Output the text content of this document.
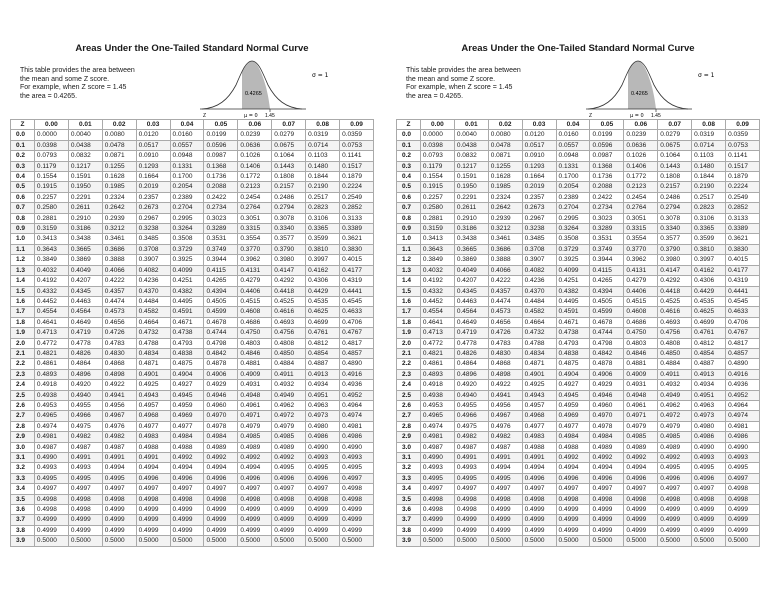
Areas Under the One-Tailed Standard Normal Curve
This table provides the area between
the mean and some Z score.
For example, when Z score = 1.45
the area = 0.4265.	0.4265
σ = 1
μ = 0 1.45
Z
Z	0.00	0.01	0.02	0.03	0.04	0.05	0.06	0.07	0.08	0.09
0.0	0.0000	0.0040	0.0080	0.0120	0.0160	0.0199	0.0239	0.0279	0.0319	0.0359
0.1	0.0398	0.0438	0.0478	0.0517	0.0557	0.0596	0.0636	0.0675	0.0714	0.0753
0.2	0.0793	0.0832	0.0871	0.0910	0.0948	0.0987	0.1026	0.1064	0.1103	0.1141
0.3	0.1179	0.1217	0.1255	0.1293	0.1331	0.1368	0.1406	0.1443	0.1480	0.1517
0.4	0.1554	0.1591	0.1628	0.1664	0.1700	0.1736	0.1772	0.1808	0.1844	0.1879
0.5	0.1915	0.1950	0.1985	0.2019	0.2054	0.2088	0.2123	0.2157	0.2190	0.2224
0.6	0.2257	0.2291	0.2324	0.2357	0.2389	0.2422	0.2454	0.2486	0.2517	0.2549
0.7	0.2580	0.2611	0.2642	0.2673	0.2704	0.2734	0.2764	0.2794	0.2823	0.2852
0.8	0.2881	0.2910	0.2939	0.2967	0.2995	0.3023	0.3051	0.3078	0.3106	0.3133
0.9	0.3159	0.3186	0.3212	0.3238	0.3264	0.3289	0.3315	0.3340	0.3365	0.3389
1.0	0.3413	0.3438	0.3461	0.3485	0.3508	0.3531	0.3554	0.3577	0.3599	0.3621
1.1	0.3643	0.3665	0.3686	0.3708	0.3729	0.3749	0.3770	0.3790	0.3810	0.3830
1.2	0.3849	0.3869	0.3888	0.3907	0.3925	0.3944	0.3962	0.3980	0.3997	0.4015
1.3	0.4032	0.4049	0.4066	0.4082	0.4099	0.4115	0.4131	0.4147	0.4162	0.4177
1.4	0.4192	0.4207	0.4222	0.4236	0.4251	0.4265	0.4279	0.4292	0.4306	0.4319
1.5	0.4332	0.4345	0.4357	0.4370	0.4382	0.4394	0.4406	0.4418	0.4429	0.4441
1.6	0.4452	0.4463	0.4474	0.4484	0.4495	0.4505	0.4515	0.4525	0.4535	0.4545
1.7	0.4554	0.4564	0.4573	0.4582	0.4591	0.4599	0.4608	0.4616	0.4625	0.4633
1.8	0.4641	0.4649	0.4656	0.4664	0.4671	0.4678	0.4686	0.4693	0.4699	0.4706
1.9	0.4713	0.4719	0.4726	0.4732	0.4738	0.4744	0.4750	0.4756	0.4761	0.4767
2.0	0.4772	0.4778	0.4783	0.4788	0.4793	0.4798	0.4803	0.4808	0.4812	0.4817
2.1	0.4821	0.4826	0.4830	0.4834	0.4838	0.4842	0.4846	0.4850	0.4854	0.4857
2.2	0.4861	0.4864	0.4868	0.4871	0.4875	0.4878	0.4881	0.4884	0.4887	0.4890
2.3	0.4893	0.4896	0.4898	0.4901	0.4904	0.4906	0.4909	0.4911	0.4913	0.4916
2.4	0.4918	0.4920	0.4922	0.4925	0.4927	0.4929	0.4931	0.4932	0.4934	0.4936
2.5	0.4938	0.4940	0.4941	0.4943	0.4945	0.4946	0.4948	0.4949	0.4951	0.4952
2.6	0.4953	0.4955	0.4956	0.4957	0.4959	0.4960	0.4961	0.4962	0.4963	0.4964
2.7	0.4965	0.4966	0.4967	0.4968	0.4969	0.4970	0.4971	0.4972	0.4973	0.4974
2.8	0.4974	0.4975	0.4976	0.4977	0.4977	0.4978	0.4979	0.4979	0.4980	0.4981
2.9	0.4981	0.4982	0.4982	0.4983	0.4984	0.4984	0.4985	0.4985	0.4986	0.4986
3.0	0.4987	0.4987	0.4987	0.4988	0.4988	0.4989	0.4989	0.4989	0.4990	0.4990
3.1	0.4990	0.4991	0.4991	0.4991	0.4992	0.4992	0.4992	0.4992	0.4993	0.4993
3.2	0.4993	0.4993	0.4994	0.4994	0.4994	0.4994	0.4994	0.4995	0.4995	0.4995
3.3	0.4995	0.4995	0.4995	0.4996	0.4996	0.4996	0.4996	0.4996	0.4996	0.4997
3.4	0.4997	0.4997	0.4997	0.4997	0.4997	0.4997	0.4997	0.4997	0.4997	0.4998
3.5	0.4998	0.4998	0.4998	0.4998	0.4998	0.4998	0.4998	0.4998	0.4998	0.4998
3.6	0.4998	0.4998	0.4999	0.4999	0.4999	0.4999	0.4999	0.4999	0.4999	0.4999
3.7	0.4999	0.4999	0.4999	0.4999	0.4999	0.4999	0.4999	0.4999	0.4999	0.4999
3.8	0.4999	0.4999	0.4999	0.4999	0.4999	0.4999	0.4999	0.4999	0.4999	0.4999
3.9	0.5000	0.5000	0.5000	0.5000	0.5000	0.5000	0.5000	0.5000	0.5000	0.5000
Areas Under the One-Tailed Standard Normal Curve
This table provides the area between
the mean and some Z score.
For example, when Z score = 1.45
the area = 0.4265.	0.4265
σ = 1
μ = 0 1.45
Z
Z	0.00	0.01	0.02	0.03	0.04	0.05	0.06	0.07	0.08	0.09
0.0	0.0000	0.0040	0.0080	0.0120	0.0160	0.0199	0.0239	0.0279	0.0319	0.0359
0.1	0.0398	0.0438	0.0478	0.0517	0.0557	0.0596	0.0636	0.0675	0.0714	0.0753
0.2	0.0793	0.0832	0.0871	0.0910	0.0948	0.0987	0.1026	0.1064	0.1103	0.1141
0.3	0.1179	0.1217	0.1255	0.1293	0.1331	0.1368	0.1406	0.1443	0.1480	0.1517
0.4	0.1554	0.1591	0.1628	0.1664	0.1700	0.1736	0.1772	0.1808	0.1844	0.1879
0.5	0.1915	0.1950	0.1985	0.2019	0.2054	0.2088	0.2123	0.2157	0.2190	0.2224
0.6	0.2257	0.2291	0.2324	0.2357	0.2389	0.2422	0.2454	0.2486	0.2517	0.2549
0.7	0.2580	0.2611	0.2642	0.2673	0.2704	0.2734	0.2764	0.2794	0.2823	0.2852
0.8	0.2881	0.2910	0.2939	0.2967	0.2995	0.3023	0.3051	0.3078	0.3106	0.3133
0.9	0.3159	0.3186	0.3212	0.3238	0.3264	0.3289	0.3315	0.3340	0.3365	0.3389
1.0	0.3413	0.3438	0.3461	0.3485	0.3508	0.3531	0.3554	0.3577	0.3599	0.3621
1.1	0.3643	0.3665	0.3686	0.3708	0.3729	0.3749	0.3770	0.3790	0.3810	0.3830
1.2	0.3849	0.3869	0.3888	0.3907	0.3925	0.3944	0.3962	0.3980	0.3997	0.4015
1.3	0.4032	0.4049	0.4066	0.4082	0.4099	0.4115	0.4131	0.4147	0.4162	0.4177
1.4	0.4192	0.4207	0.4222	0.4236	0.4251	0.4265	0.4279	0.4292	0.4306	0.4319
1.5	0.4332	0.4345	0.4357	0.4370	0.4382	0.4394	0.4406	0.4418	0.4429	0.4441
1.6	0.4452	0.4463	0.4474	0.4484	0.4495	0.4505	0.4515	0.4525	0.4535	0.4545
1.7	0.4554	0.4564	0.4573	0.4582	0.4591	0.4599	0.4608	0.4616	0.4625	0.4633
1.8	0.4641	0.4649	0.4656	0.4664	0.4671	0.4678	0.4686	0.4693	0.4699	0.4706
1.9	0.4713	0.4719	0.4726	0.4732	0.4738	0.4744	0.4750	0.4756	0.4761	0.4767
2.0	0.4772	0.4778	0.4783	0.4788	0.4793	0.4798	0.4803	0.4808	0.4812	0.4817
2.1	0.4821	0.4826	0.4830	0.4834	0.4838	0.4842	0.4846	0.4850	0.4854	0.4857
2.2	0.4861	0.4864	0.4868	0.4871	0.4875	0.4878	0.4881	0.4884	0.4887	0.4890
2.3	0.4893	0.4896	0.4898	0.4901	0.4904	0.4906	0.4909	0.4911	0.4913	0.4916
2.4	0.4918	0.4920	0.4922	0.4925	0.4927	0.4929	0.4931	0.4932	0.4934	0.4936
2.5	0.4938	0.4940	0.4941	0.4943	0.4945	0.4946	0.4948	0.4949	0.4951	0.4952
2.6	0.4953	0.4955	0.4956	0.4957	0.4959	0.4960	0.4961	0.4962	0.4963	0.4964
2.7	0.4965	0.4966	0.4967	0.4968	0.4969	0.4970	0.4971	0.4972	0.4973	0.4974
2.8	0.4974	0.4975	0.4976	0.4977	0.4977	0.4978	0.4979	0.4979	0.4980	0.4981
2.9	0.4981	0.4982	0.4982	0.4983	0.4984	0.4984	0.4985	0.4985	0.4986	0.4986
3.0	0.4987	0.4987	0.4987	0.4988	0.4988	0.4989	0.4989	0.4989	0.4990	0.4990
3.1	0.4990	0.4991	0.4991	0.4991	0.4992	0.4992	0.4992	0.4992	0.4993	0.4993
3.2	0.4993	0.4993	0.4994	0.4994	0.4994	0.4994	0.4994	0.4995	0.4995	0.4995
3.3	0.4995	0.4995	0.4995	0.4996	0.4996	0.4996	0.4996	0.4996	0.4996	0.4997
3.4	0.4997	0.4997	0.4997	0.4997	0.4997	0.4997	0.4997	0.4997	0.4997	0.4998
3.5	0.4998	0.4998	0.4998	0.4998	0.4998	0.4998	0.4998	0.4998	0.4998	0.4998
3.6	0.4998	0.4998	0.4999	0.4999	0.4999	0.4999	0.4999	0.4999	0.4999	0.4999
3.7	0.4999	0.4999	0.4999	0.4999	0.4999	0.4999	0.4999	0.4999	0.4999	0.4999
3.8	0.4999	0.4999	0.4999	0.4999	0.4999	0.4999	0.4999	0.4999	0.4999	0.4999
3.9	0.5000	0.5000	0.5000	0.5000	0.5000	0.5000	0.5000	0.5000	0.5000	0.5000
